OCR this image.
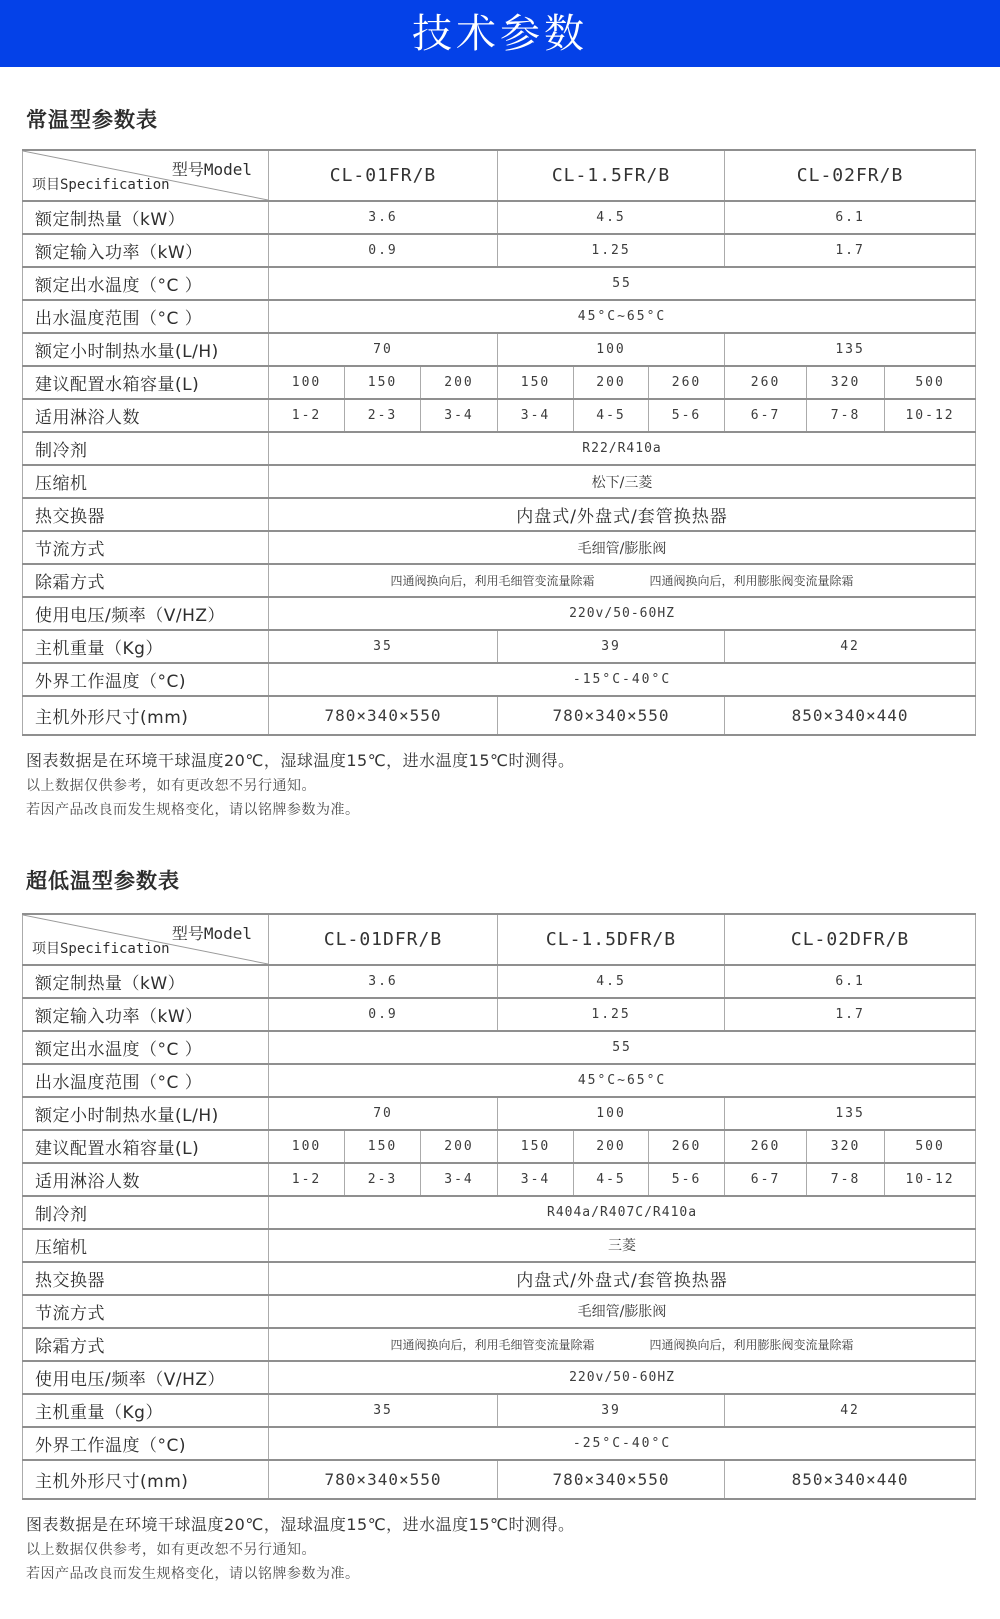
技术参数
常温型参数表
型号Model
项目Specification	CL-01FR/B			CL-1.5FR/B			CL-02FR/B		
额定制热量（kW）	3.6			4.5			6.1		
额定输入功率（kW）	0.9			1.25			1.7		
额定出水温度（°C ）	55								
出水温度范围（°C ）	45°C~65°C								
额定小时制热水量(L/H)	70			100			135		
建议配置水箱容量(L)	100	150	200	150	200	260	260	320	500
适用淋浴人数	1-2	2-3	3-4	3-4	4-5	5-6	6-7	7-8	10-12
制冷剂	R22/R410a								
压缩机	松下/三菱								
热交换器	内盘式/外盘式/套管换热器								
节流方式	毛细管/膨胀阀								
除霜方式	四通阀换向后，利用毛细管变流量除霜 四通阀换向后，利用膨胀阀变流量除霜								

使用电压/频率（V/HZ）	220v/50-60HZ								
主机重量（Kg）	35			39			42		
外界工作温度（°C)	-15°C-40°C								
主机外形尺寸(mm)	780×340×550			780×340×550			850×340×440		

图表数据是在环境干球温度20℃，湿球温度15℃，进水温度15℃时测得。

以上数据仅供参考，如有更改恕不另行通知。

若因产品改良而发生规格变化，请以铭牌参数为准。

超低温型参数表
型号Model
项目Specification	CL-01DFR/B			CL-1.5DFR/B			CL-02DFR/B		
额定制热量（kW）	3.6			4.5			6.1		
额定输入功率（kW）	0.9			1.25			1.7		
额定出水温度（°C ）	55								
出水温度范围（°C ）	45°C~65°C								
额定小时制热水量(L/H)	70			100			135		
建议配置水箱容量(L)	100	150	200	150	200	260	260	320	500
适用淋浴人数	1-2	2-3	3-4	3-4	4-5	5-6	6-7	7-8	10-12
制冷剂	R404a/R407C/R410a								
压缩机	三菱								
热交换器	内盘式/外盘式/套管换热器								
节流方式	毛细管/膨胀阀								
除霜方式	四通阀换向后，利用毛细管变流量除霜 四通阀换向后，利用膨胀阀变流量除霜								

使用电压/频率（V/HZ）	220v/50-60HZ								
主机重量（Kg）	35			39			42		
外界工作温度（°C)	-25°C-40°C								
主机外形尺寸(mm)	780×340×550			780×340×550			850×340×440		

图表数据是在环境干球温度20℃，湿球温度15℃，进水温度15℃时测得。

以上数据仅供参考，如有更改恕不另行通知。

若因产品改良而发生规格变化，请以铭牌参数为准。
